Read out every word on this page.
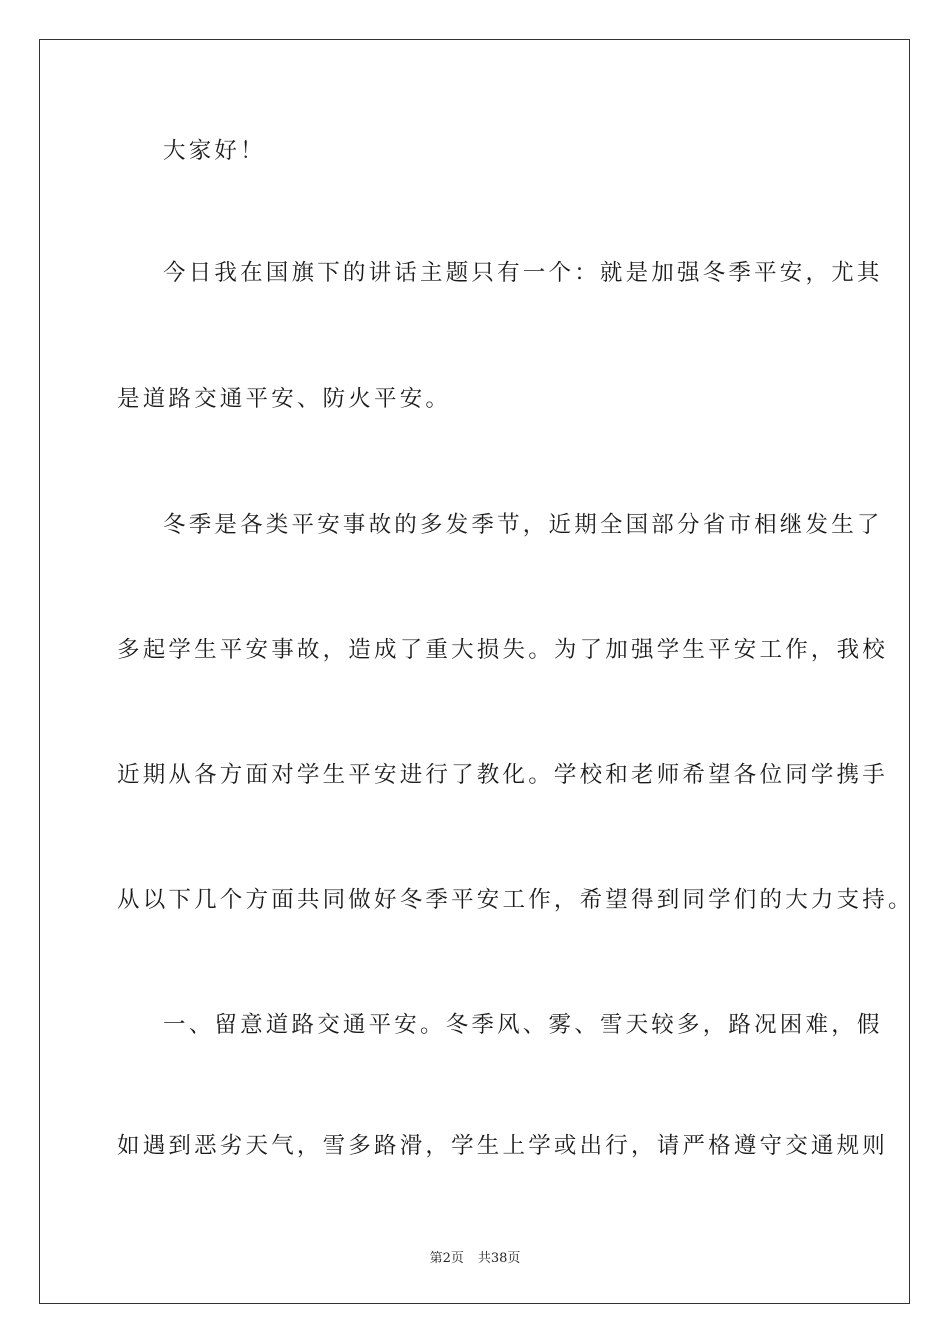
大家好！
今日我在国旗下的讲话主题只有一个：就是加强冬季平安，尤其
是道路交通平安、防火平安。
冬季是各类平安事故的多发季节，近期全国部分省市相继发生了
多起学生平安事故，造成了重大损失。为了加强学生平安工作，我校
近期从各方面对学生平安进行了教化。学校和老师希望各位同学携手
从以下几个方面共同做好冬季平安工作，希望得到同学们的大力支持。
一、留意道路交通平安。冬季风、雾、雪天较多，路况困难，假
如遇到恶劣天气，雪多路滑，学生上学或出行，请严格遵守交通规则
第2页 共38页
